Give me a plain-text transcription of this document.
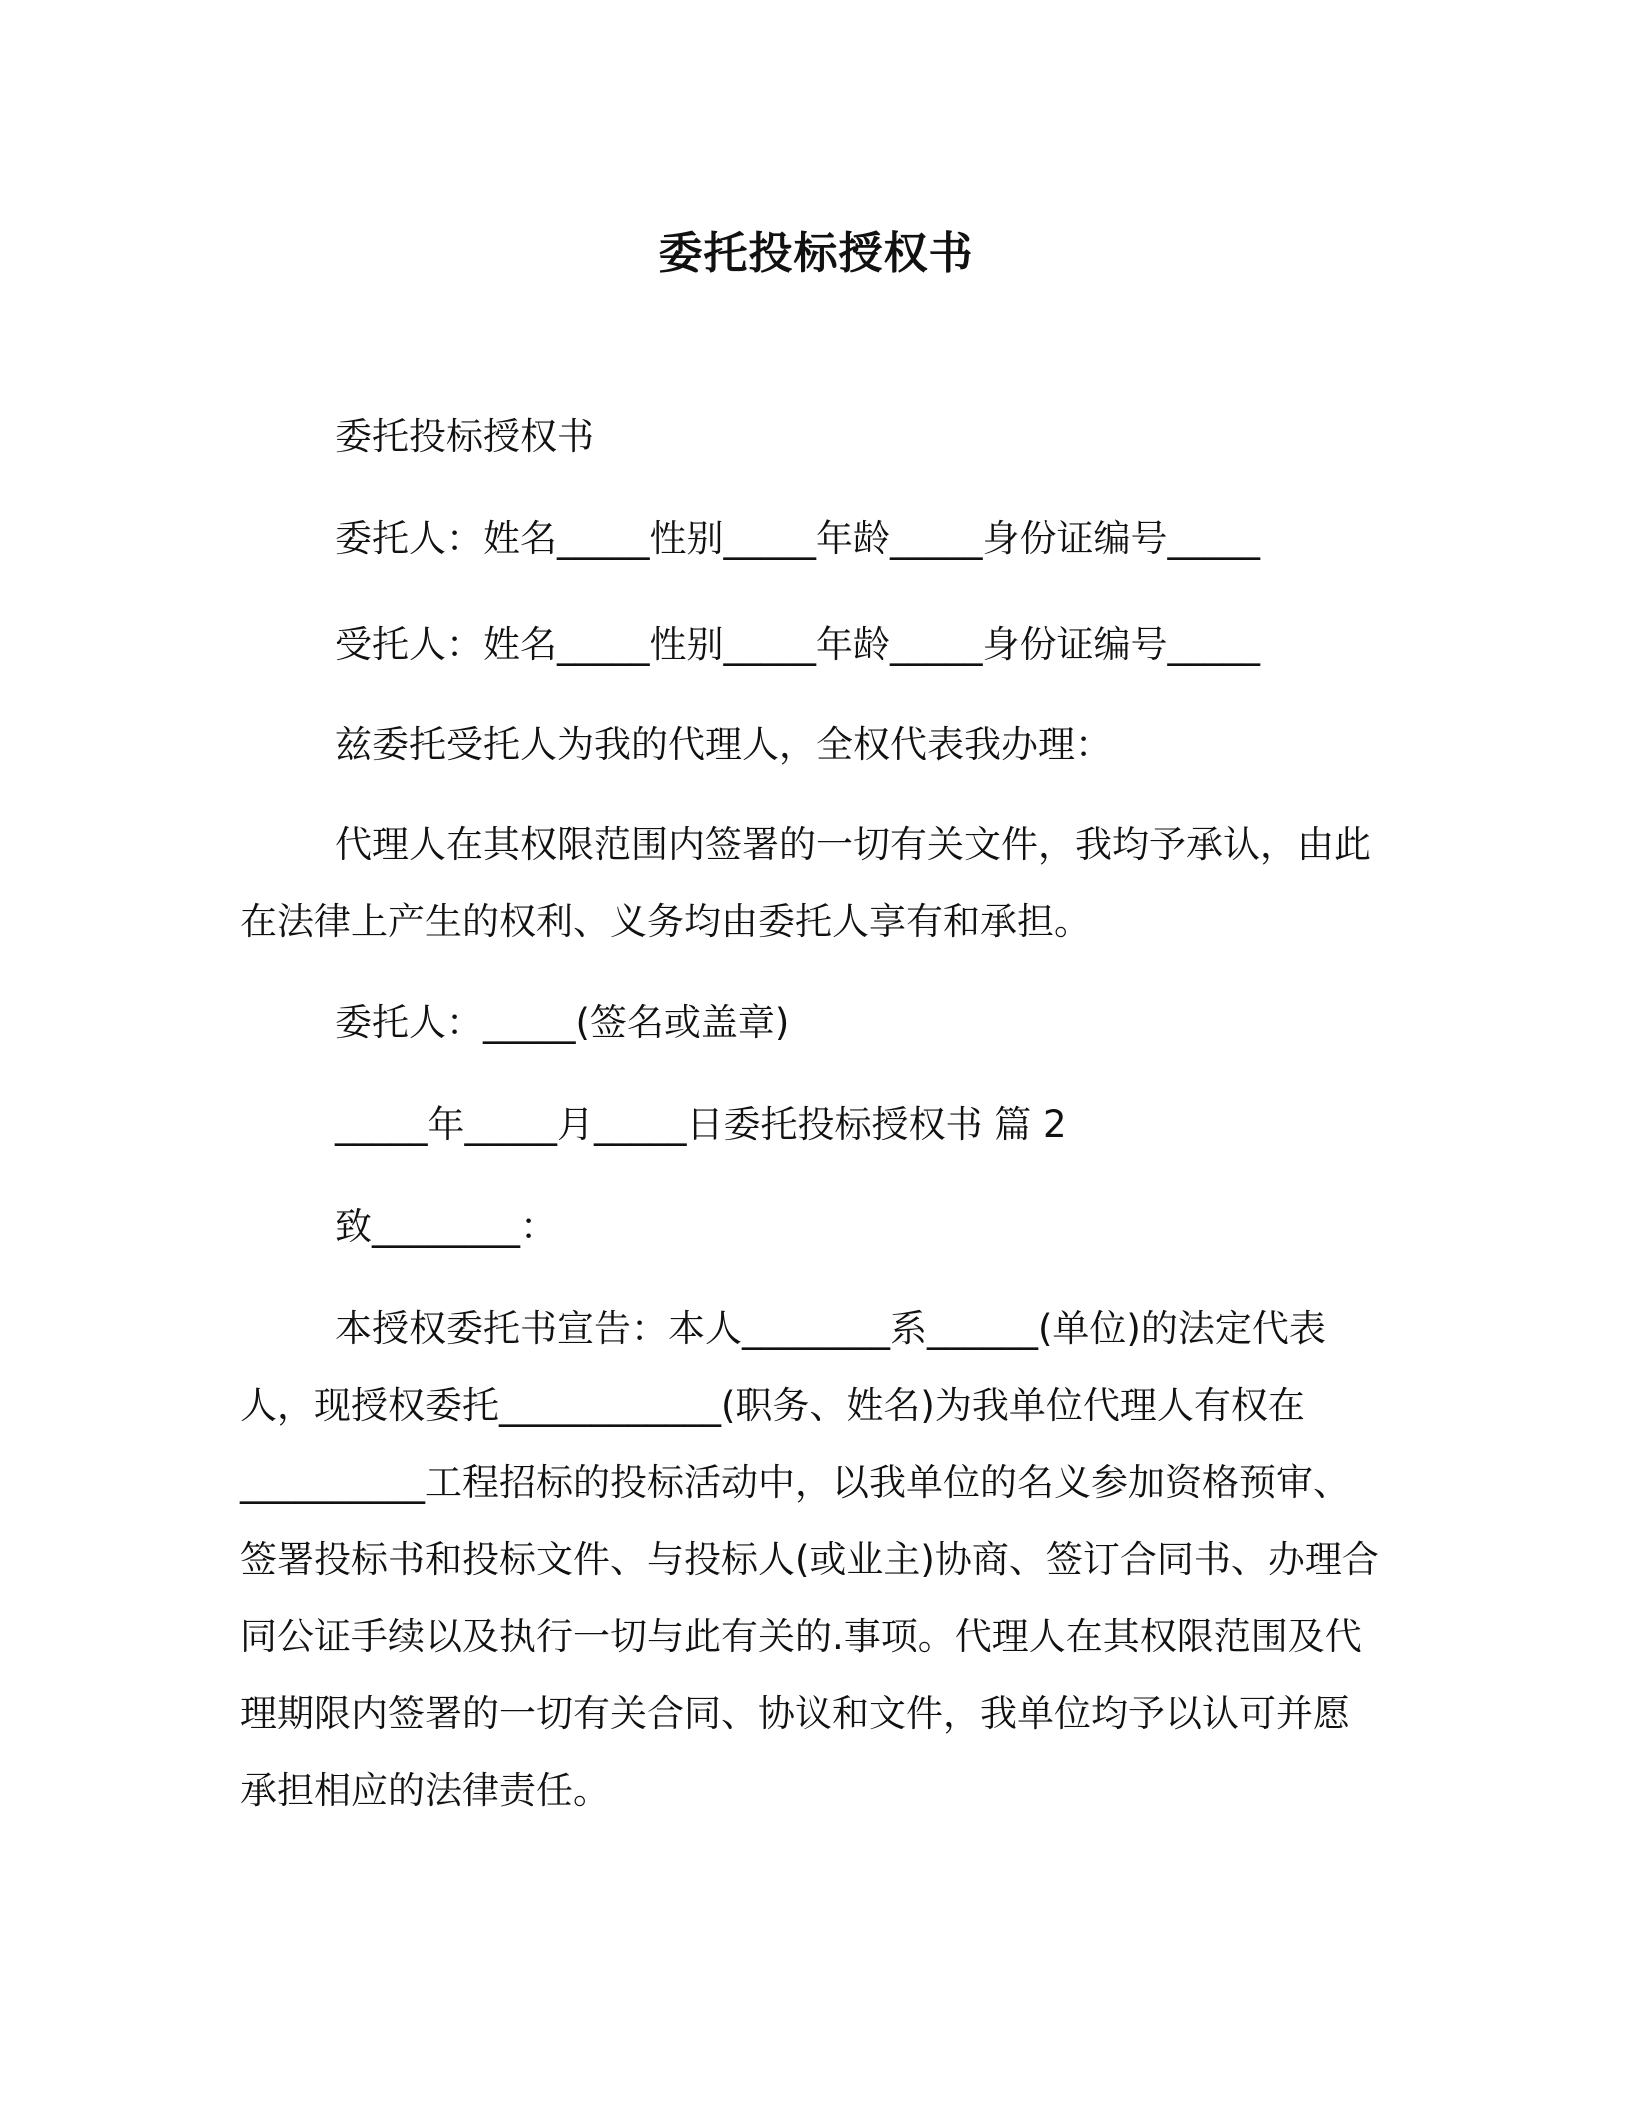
委托投标授权书
委托投标授权书
委托人：姓名_____性别_____年龄_____身份证编号_____
受托人：姓名_____性别_____年龄_____身份证编号_____
兹委托受托人为我的代理人，全权代表我办理：
代理人在其权限范围内签署的一切有关文件，我均予承认，由此
在法律上产生的权利、义务均由委托人享有和承担。
委托人：_____(签名或盖章)
_____年_____月_____日委托投标授权书 篇 2
致________：
本授权委托书宣告：本人________系______(单位)的法定代表
人，现授权委托____________(职务、姓名)为我单位代理人有权在
__________工程招标的投标活动中，以我单位的名义参加资格预审、
签署投标书和投标文件、与投标人(或业主)协商、签订合同书、办理合
同公证手续以及执行一切与此有关的.事项。代理人在其权限范围及代
理期限内签署的一切有关合同、协议和文件，我单位均予以认可并愿
承担相应的法律责任。
